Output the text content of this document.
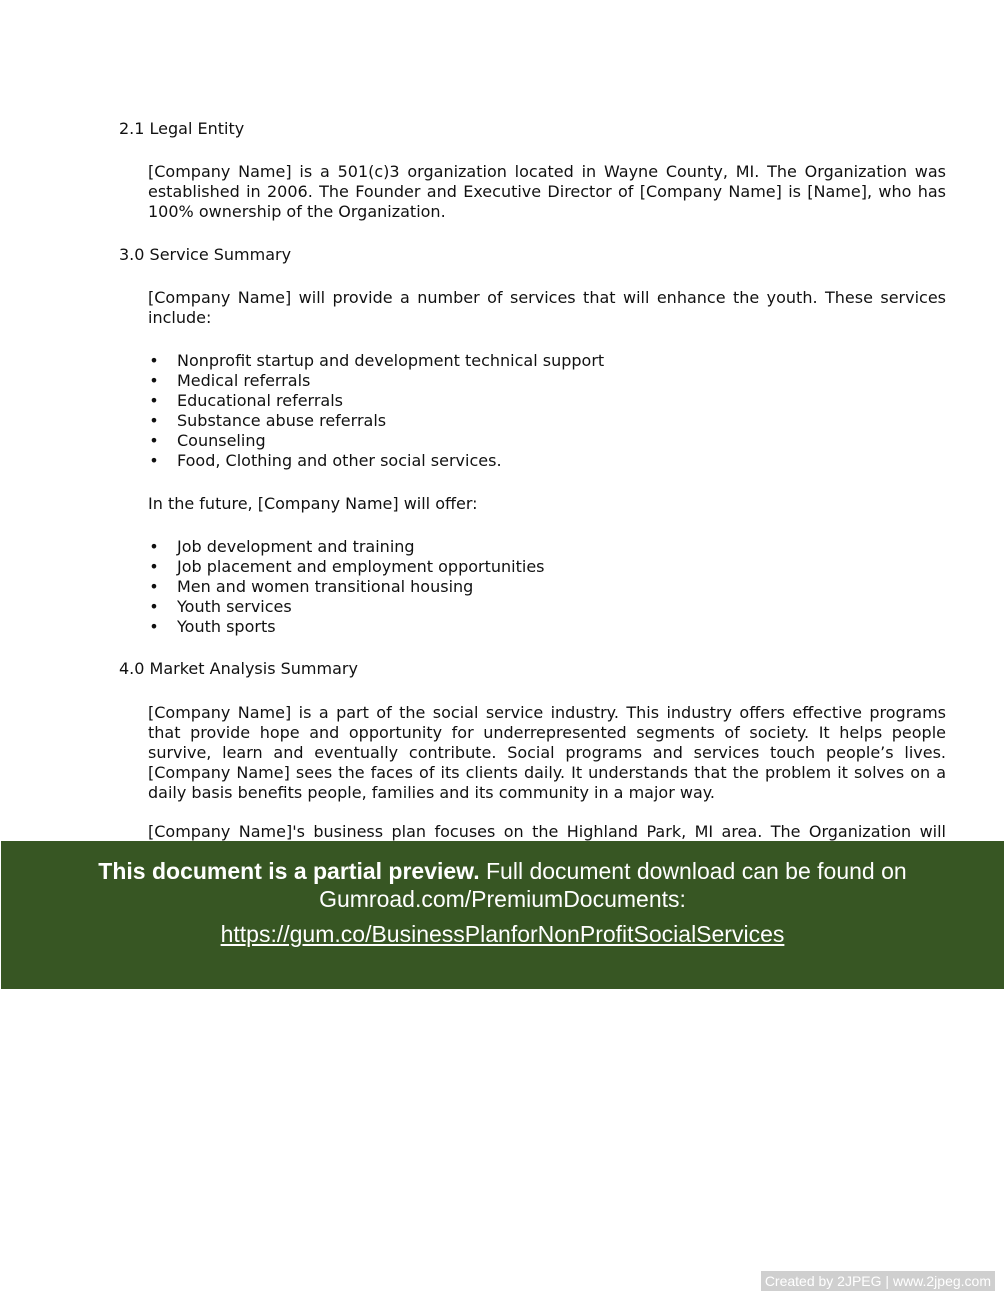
2.1 Legal Entity

[Company Name] is a 501(c)3 organization located in Wayne County, MI. The Organization was established in 2006. The Founder and Executive Director of [Company Name] is [Name], who has 100% ownership of the Organization.

3.0 Service Summary

[Company Name] will provide a number of services that will enhance the youth. These services include:

• Nonprofit startup and development technical support
• Medical referrals
• Educational referrals
• Substance abuse referrals
• Counseling
• Food, Clothing and other social services.

In the future, [Company Name] will offer:

• Job development and training
• Job placement and employment opportunities
• Men and women transitional housing
• Youth services
• Youth sports
4.0 Market Analysis Summary

[Company Name] is a part of the social service industry. This industry offers effective programs that provide hope and opportunity for underrepresented segments of society. It helps people survive, learn and eventually contribute. Social programs and services touch people’s lives. [Company Name] sees the faces of its clients daily. It understands that the problem it solves on a daily basis benefits people, families and its community in a major way.

[Company Name]'s business plan focuses on the Highland Park, MI area. The Organization will

This document is a partial preview. Full document download can be found on
Gumroad.com/PremiumDocuments:
https://gum.co/BusinessPlanforNonProfitSocialServices
Created by 2JPEG | www.2jpeg.com
